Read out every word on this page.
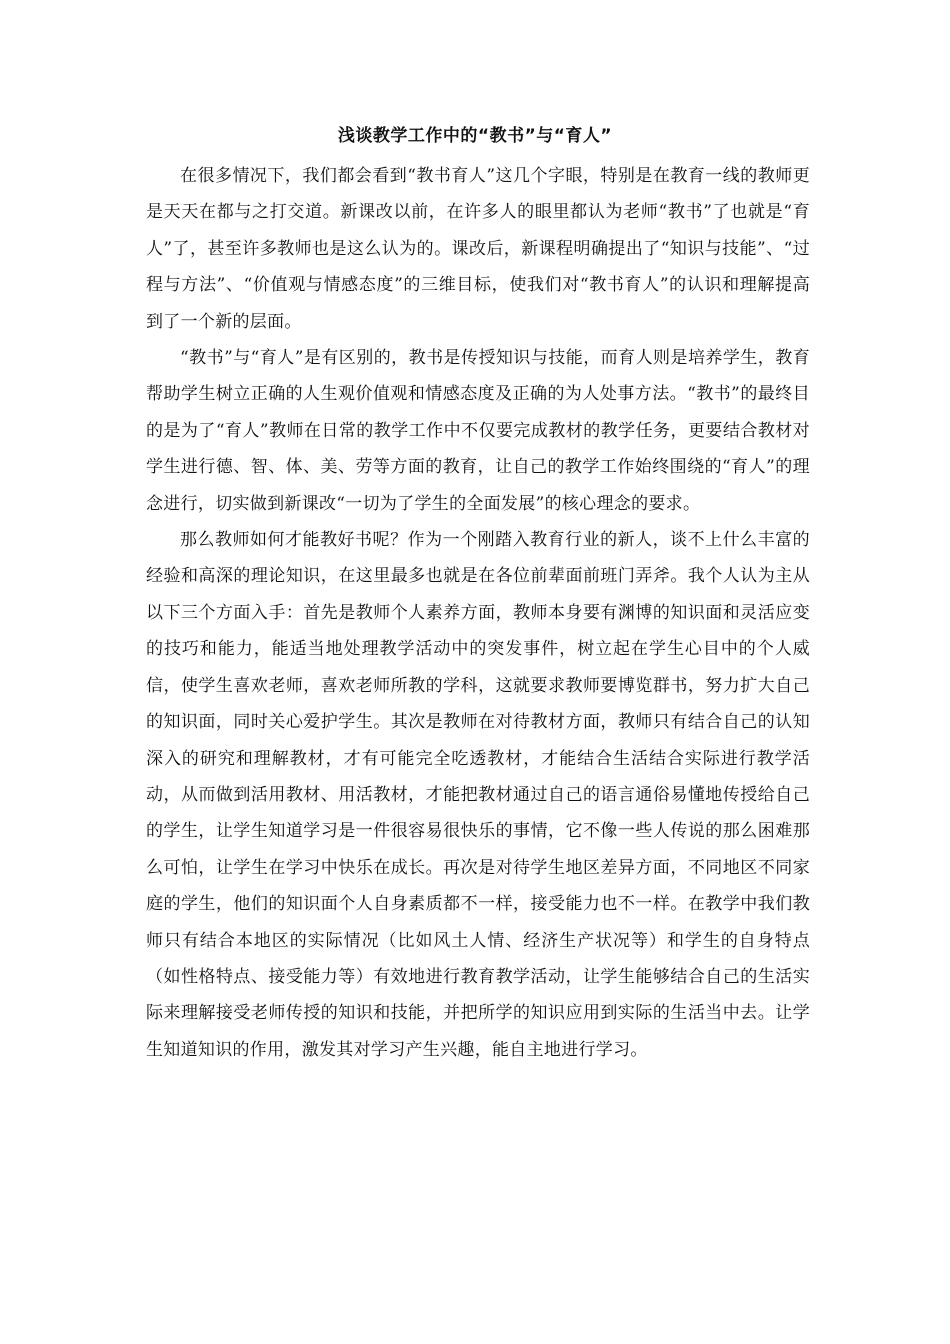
浅谈教学工作中的“教书”与“育人”

在很多情况下，我们都会看到“教书育人”这几个字眼，特别是在教育一线的教师更是天天在都与之打交道。新课改以前，在许多人的眼里都认为老师“教书”了也就是“育人”了，甚至许多教师也是这么认为的。课改后，新课程明确提出了“知识与技能”、“过程与方法”、“价值观与情感态度”的三维目标，使我们对“教书育人”的认识和理解提高到了一个新的层面。

“教书”与“育人”是有区别的，教书是传授知识与技能，而育人则是培养学生，教育帮助学生树立正确的人生观价值观和情感态度及正确的为人处事方法。“教书”的最终目的是为了“育人”教师在日常的教学工作中不仅要完成教材的教学任务，更要结合教材对学生进行德、智、体、美、劳等方面的教育，让自己的教学工作始终围绕的“育人”的理念进行，切实做到新课改“一切为了学生的全面发展”的核心理念的要求。

那么教师如何才能教好书呢？作为一个刚踏入教育行业的新人，谈不上什么丰富的经验和高深的理论知识，在这里最多也就是在各位前辈面前班门弄斧。我个人认为主从以下三个方面入手：首先是教师个人素养方面，教师本身要有渊博的知识面和灵活应变的技巧和能力，能适当地处理教学活动中的突发事件，树立起在学生心目中的个人威信，使学生喜欢老师，喜欢老师所教的学科，这就要求教师要博览群书，努力扩大自己的知识面，同时关心爱护学生。其次是教师在对待教材方面，教师只有结合自己的认知深入的研究和理解教材，才有可能完全吃透教材，才能结合生活结合实际进行教学活动，从而做到活用教材、用活教材，才能把教材通过自己的语言通俗易懂地传授给自己的学生，让学生知道学习是一件很容易很快乐的事情，它不像一些人传说的那么困难那么可怕，让学生在学习中快乐在成长。再次是对待学生地区差异方面，不同地区不同家庭的学生，他们的知识面个人自身素质都不一样，接受能力也不一样。在教学中我们教师只有结合本地区的实际情况（比如风土人情、经济生产状况等）和学生的自身特点（如性格特点、接受能力等）有效地进行教育教学活动，让学生能够结合自己的生活实际来理解接受老师传授的知识和技能，并把所学的知识应用到实际的生活当中去。让学生知道知识的作用，激发其对学习产生兴趣，能自主地进行学习。
